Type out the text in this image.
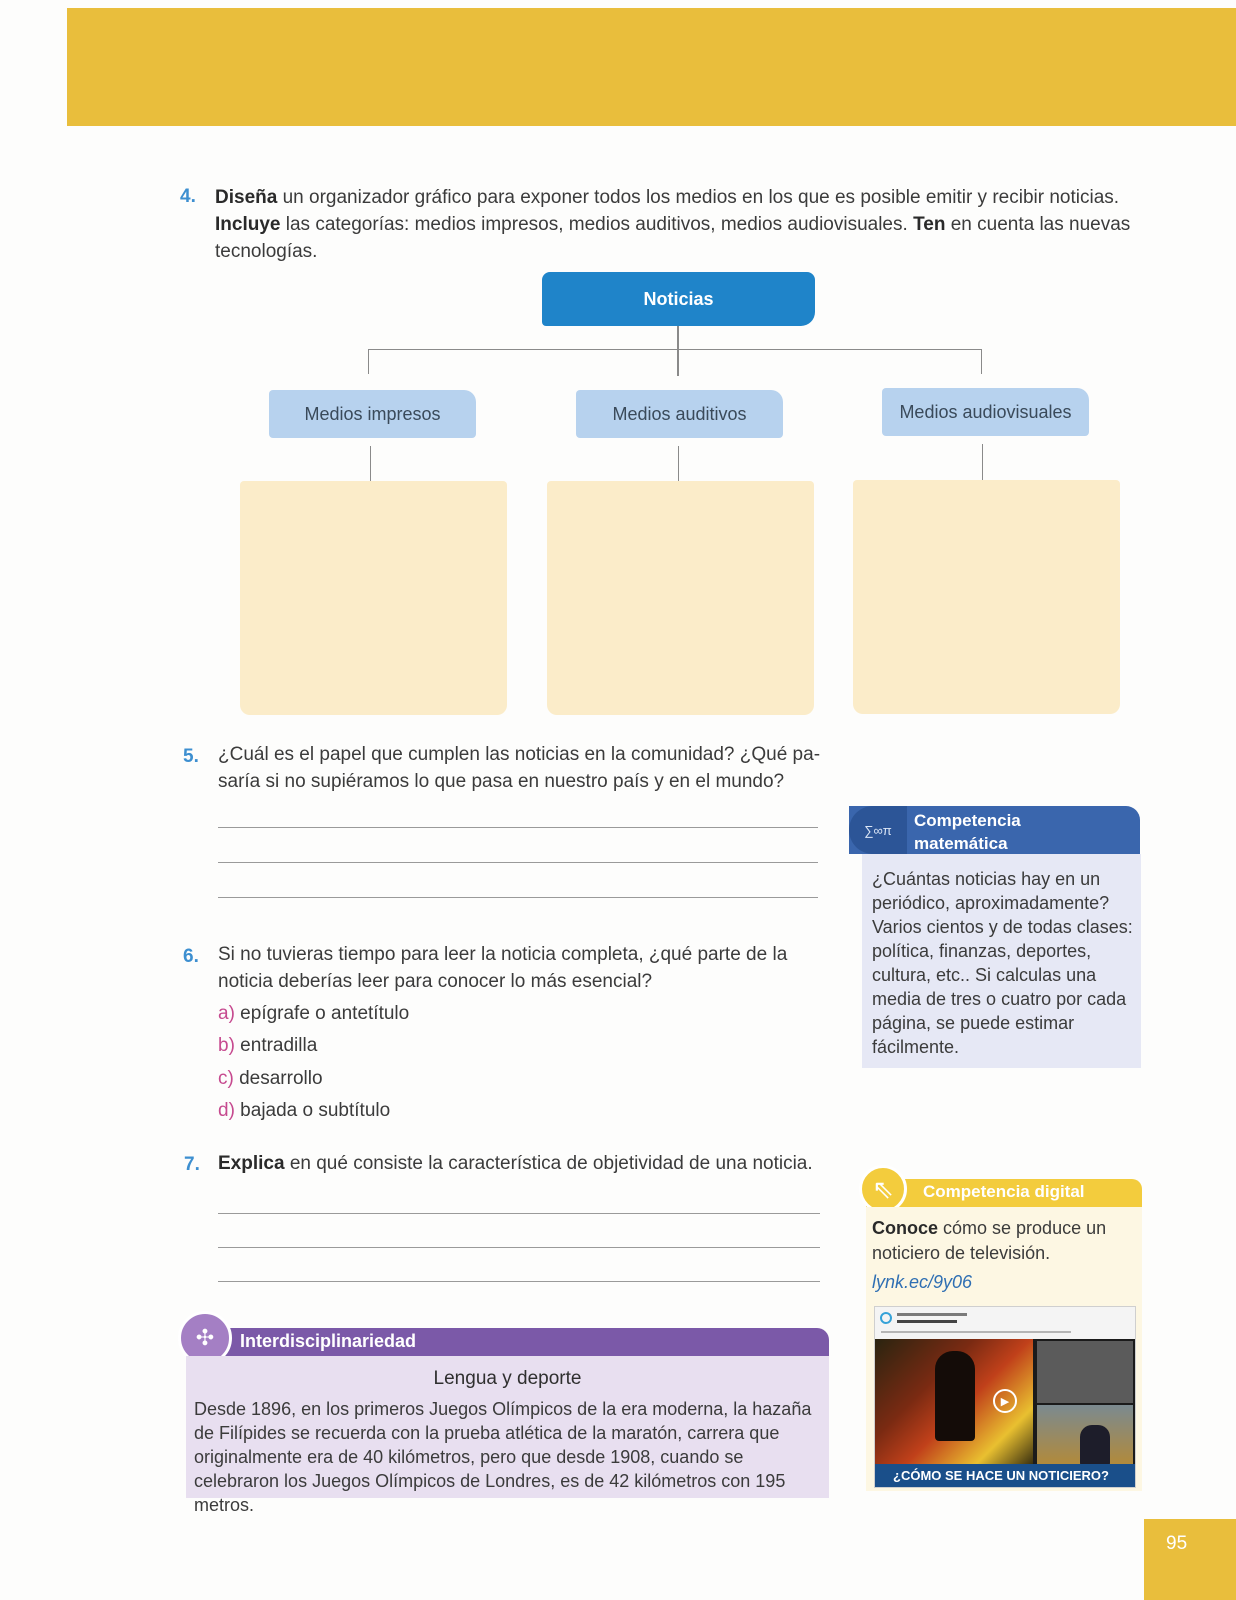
4. Diseña un organizador gráfico para exponer todos los medios en los que es posible emitir y recibir noticias.
Incluye las categorías: medios impresos, medios auditivos, medios audiovisuales. Ten en cuenta las nuevas
tecnologías.
Noticias
Medios impresos	Medios auditivos	Medios audiovisuales
5. ¿Cuál es el papel que cumplen las noticias en la comunidad? ¿Qué pa-
saría si no supiéramos lo que pasa en nuestro país y en el mundo?
6. Si no tuvieras tiempo para leer la noticia completa, ¿qué parte de la
noticia deberías leer para conocer lo más esencial?
a) epígrafe o antetítulo
b) entradilla
c) desarrollo
d) bajada o subtítulo
7. Explica en qué consiste la característica de objetividad de una noticia.
∑∞π Competencia
matemática
¿Cuántas noticias hay en un periódico, aproximadamente? Varios cientos y de todas clases: política, finanzas, deportes, cultura, etc.. Si calculas una media de tres o cuatro por cada página, se puede estimar fácilmente.
⇖ Competencia digital
Conoce cómo se produce un noticiero de televisión.
lynk.ec/9y06
▶
¿CÓMO SE HACE UN NOTICIERO?
✣ Interdisciplinariedad
Lengua y deporte
Desde 1896, en los primeros Juegos Olímpicos de la era moderna, la hazaña de Filípides se recuerda con la prueba atlética de la maratón, carrera que originalmente era de 40 kilómetros, pero que desde 1908, cuando se celebraron los Juegos Olímpicos de Londres, es de 42 kilómetros con 195 metros.
95
